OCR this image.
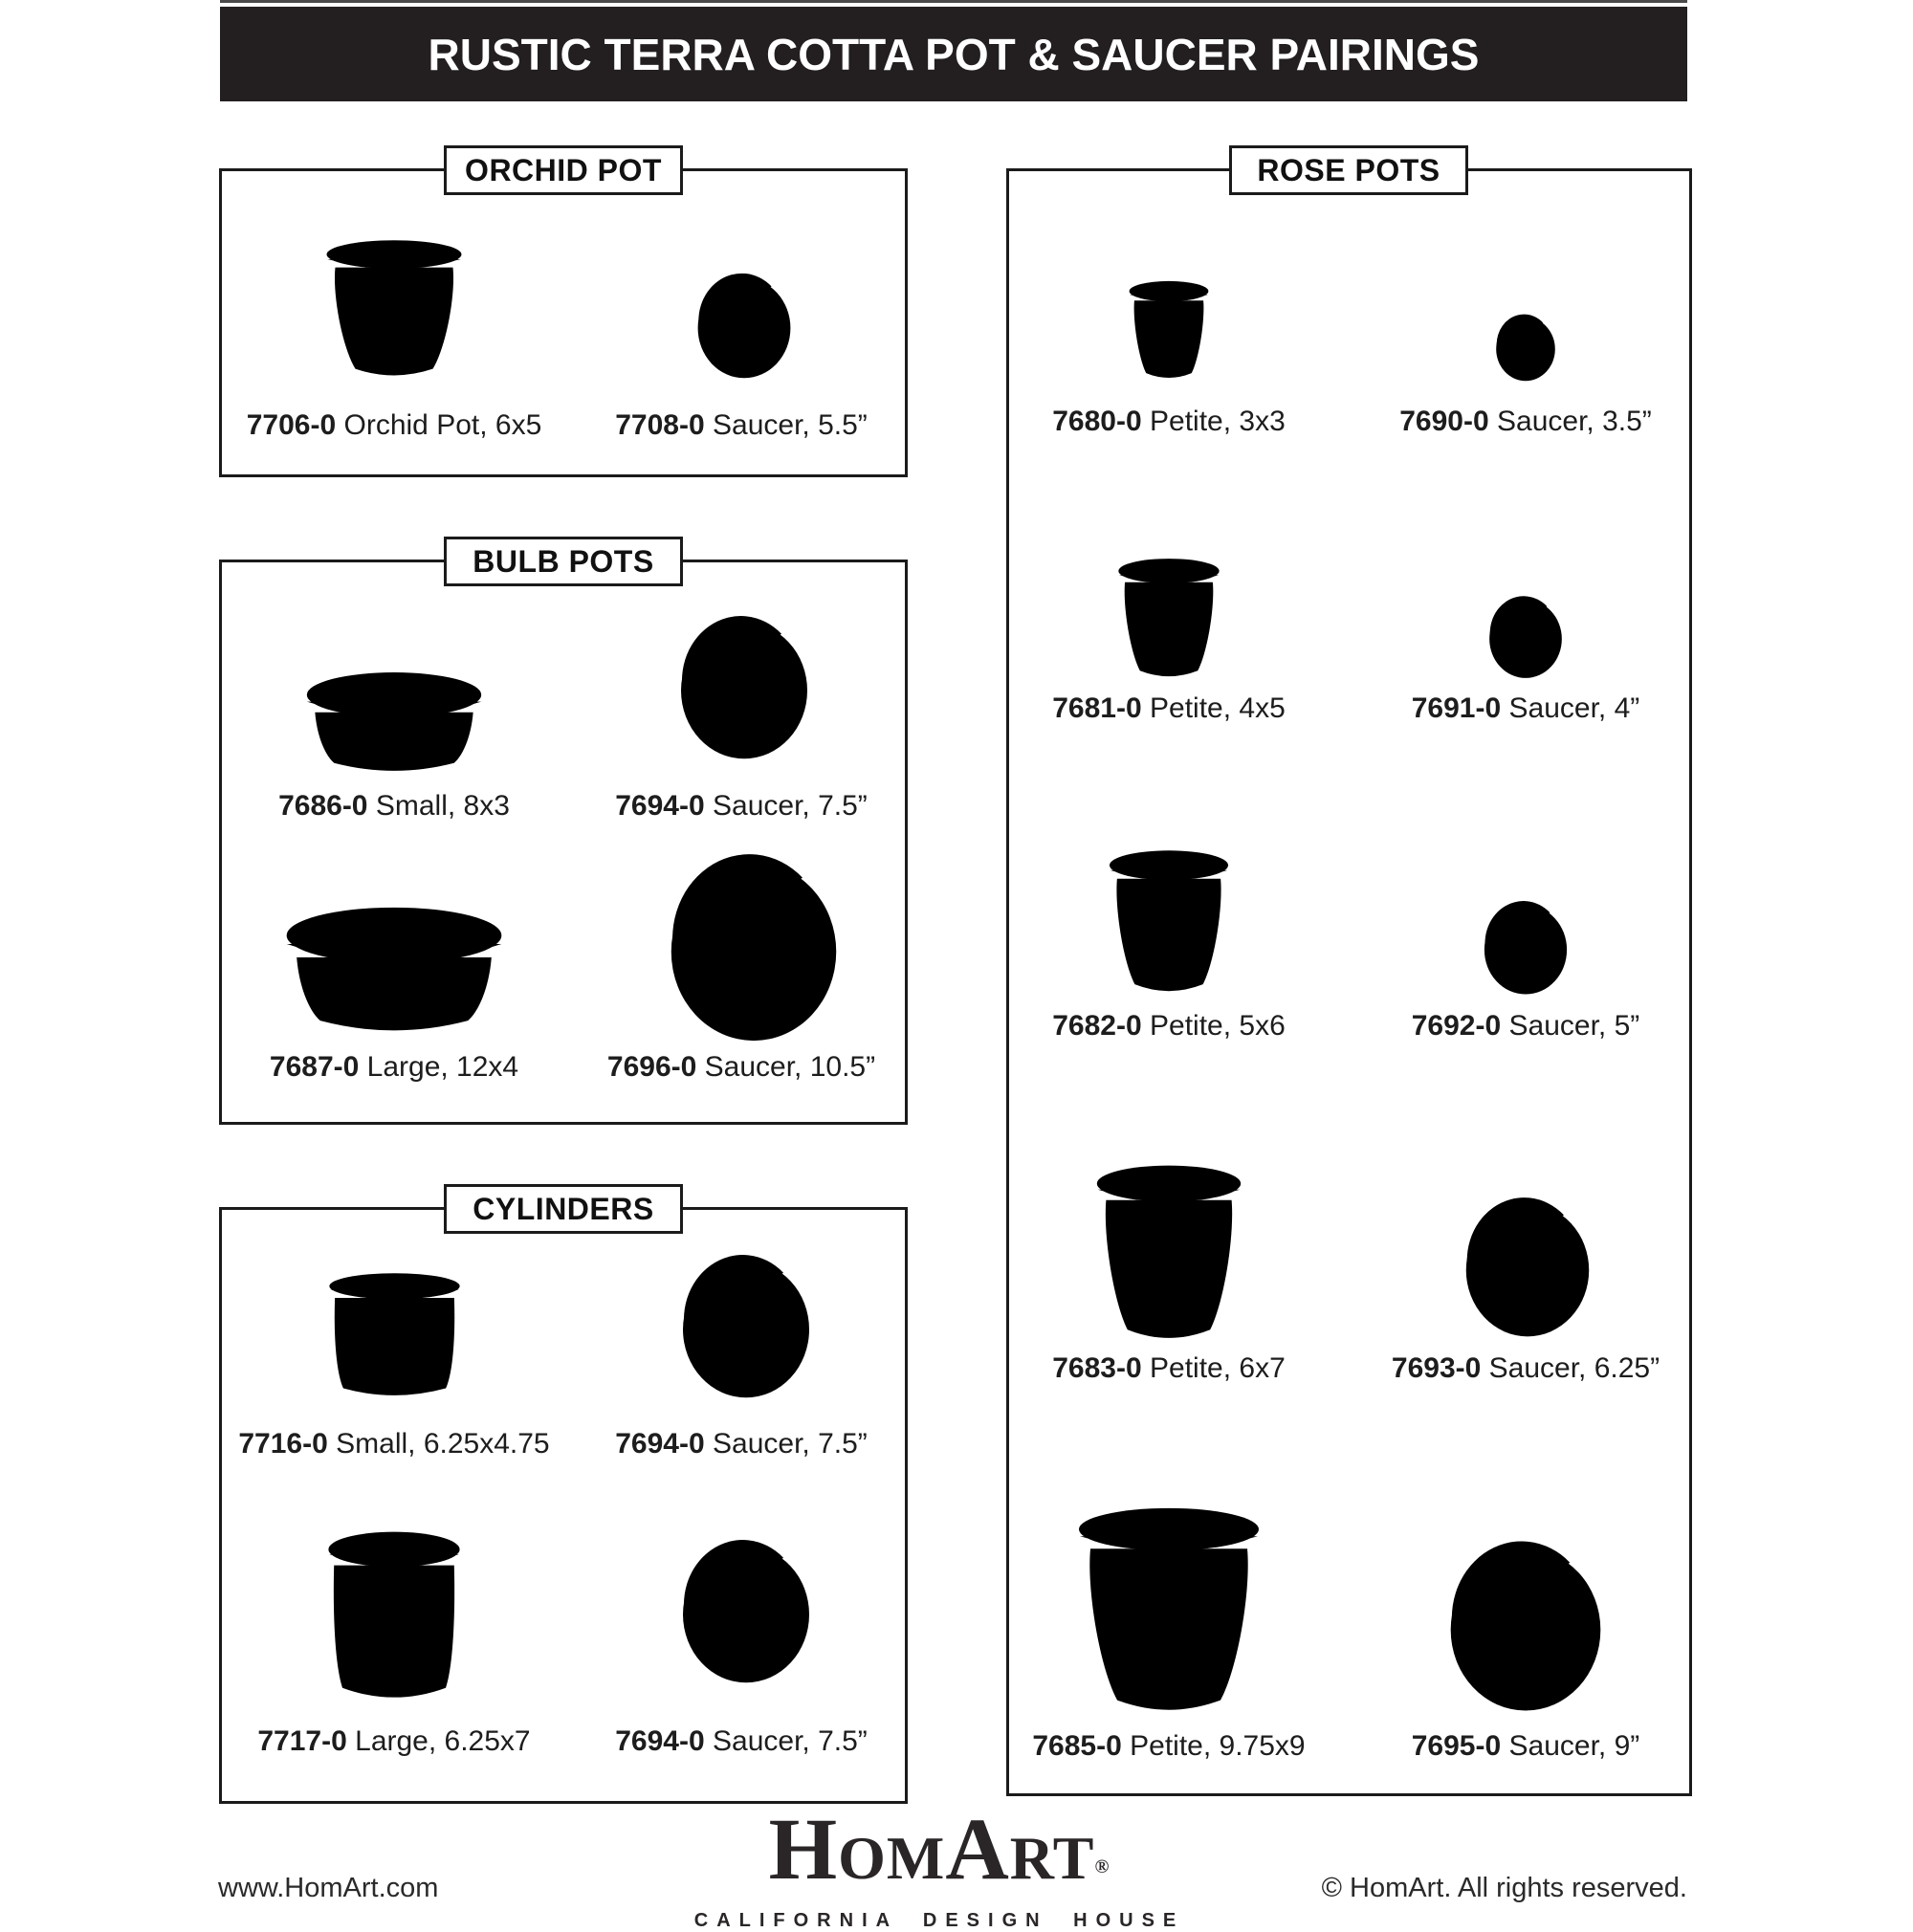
RUSTIC TERRA COTTA POT & SAUCER PAIRINGS
ORCHID POT
7706-0 Orchid Pot, 6x5	7708-0 Saucer, 5.5”
BULB POTS
7686-0 Small, 8x3	7694-0 Saucer, 7.5”
7687-0 Large, 12x4	7696-0 Saucer, 10.5”
CYLINDERS
7716-0 Small, 6.25x4.75	7694-0 Saucer, 7.5”
7717-0 Large, 6.25x7	7694-0 Saucer, 7.5”
ROSE POTS
7680-0 Petite, 3x3	7690-0 Saucer, 3.5”
7681-0 Petite, 4x5	7691-0 Saucer, 4”
7682-0 Petite, 5x6	7692-0 Saucer, 5”
7683-0 Petite, 6x7	7693-0 Saucer, 6.25”
7685-0 Petite, 9.75x9	7695-0 Saucer, 9”
HomArt®
CALIFORNIA DESIGN HOUSE
www.HomArt.com	© HomArt. All rights reserved.
